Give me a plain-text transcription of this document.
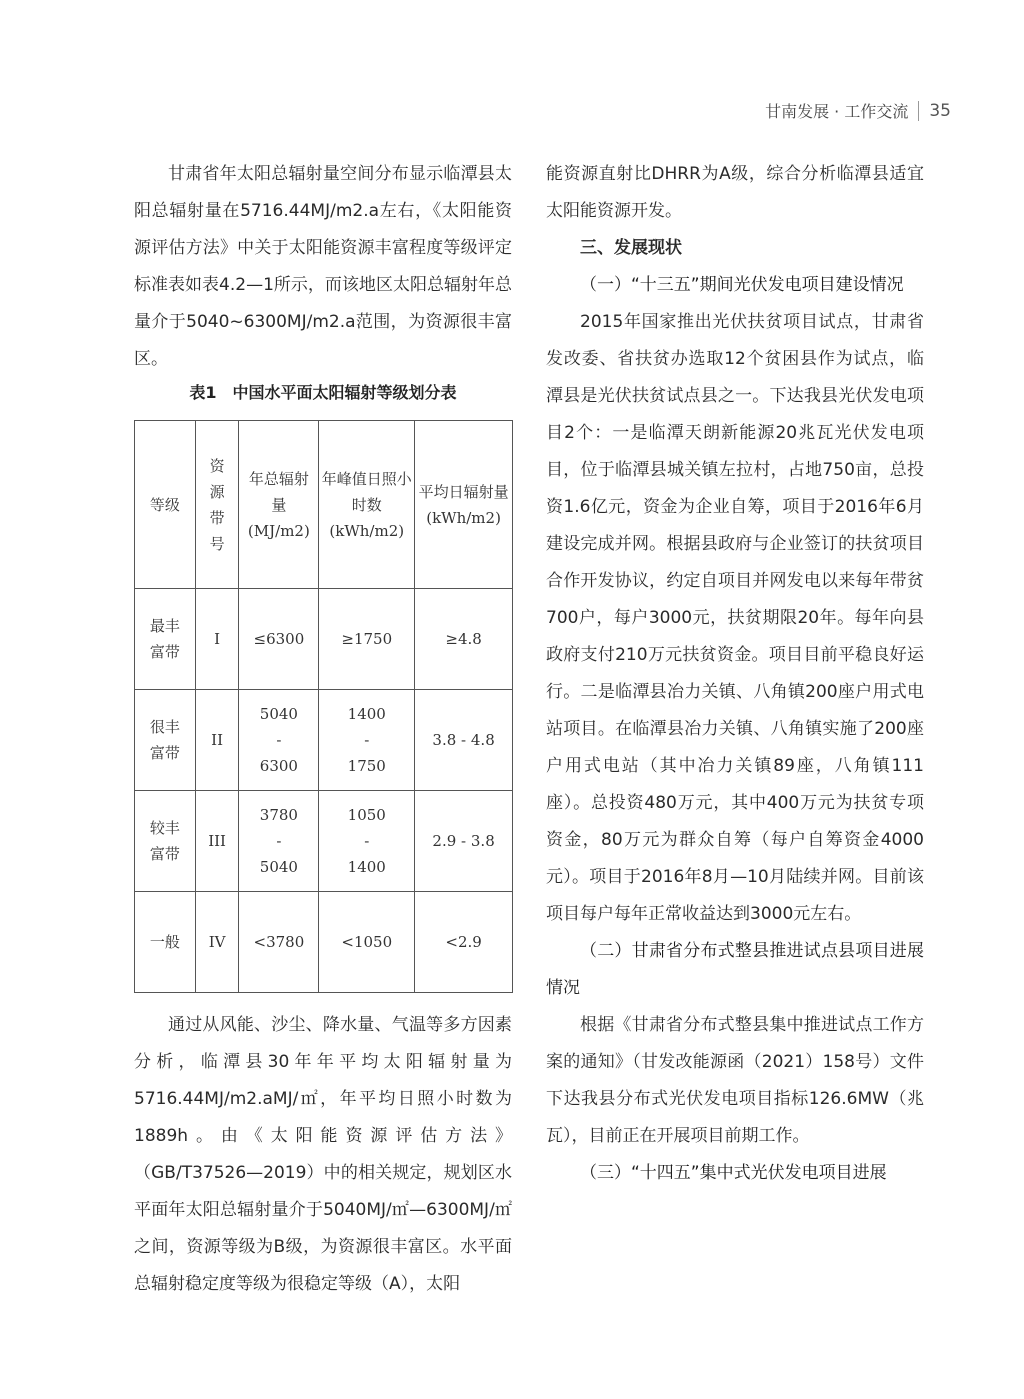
甘南发展 · 工作交流 35

甘肃省年太阳总辐射量空间分布显示临潭县太阳总辐射量在5716.44MJ/m2.a左右，《太阳能资源评估方法》中关于太阳能资源丰富程度等级评定标准表如表4.2—1所示，而该地区太阳总辐射年总量介于5040~6300MJ/m2.a范围，为资源很丰富区。

表1　中国水平面太阳辐射等级划分表
等级	资源带号	年总辐射量(MJ/m2)	年峰值日照小时数(kWh/m2)	平均日辐射量(kWh/m2)
最丰富带	I	≤6300	≥1750	≥4.8
很丰富带	II	5040 - 6300	1400 - 1750	3.8 - 4.8
较丰富带	III	3780 - 5040	1050 - 1400	2.9 - 3.8
一般	IV	<3780	<1050	<2.9

通过从风能、沙尘、降水量、气温等多方因素分析，临潭县30年年平均太阳辐射量为5716.44MJ/m2.aMJ/㎡，年平均日照小时数为1889h。由《太阳能资源评估方法》（GB/T37526—2019）中的相关规定，规划区水平面年太阳总辐射量介于5040MJ/㎡—6300MJ/㎡之间，资源等级为B级，为资源很丰富区。水平面总辐射稳定度等级为很稳定等级（A），太阳

能资源直射比DHRR为A级，综合分析临潭县适宜太阳能资源开发。

三、发展现状
（一）“十三五”期间光伏发电项目建设情况

2015年国家推出光伏扶贫项目试点，甘肃省发改委、省扶贫办选取12个贫困县作为试点，临潭县是光伏扶贫试点县之一。下达我县光伏发电项目2个：一是临潭天朗新能源20兆瓦光伏发电项目，位于临潭县城关镇左拉村，占地750亩，总投资1.6亿元，资金为企业自筹，项目于2016年6月建设完成并网。根据县政府与企业签订的扶贫项目合作开发协议，约定自项目并网发电以来每年带贫700户，每户3000元，扶贫期限20年。每年向县政府支付210万元扶贫资金。项目目前平稳良好运行。二是临潭县冶力关镇、八角镇200座户用式电站项目。在临潭县冶力关镇、八角镇实施了200座户用式电站（其中冶力关镇89座，八角镇111座）。总投资480万元，其中400万元为扶贫专项资金，80万元为群众自筹（每户自筹资金4000元）。项目于2016年8月—10月陆续并网。目前该项目每户每年正常收益达到3000元左右。

（二）甘肃省分布式整县推进试点县项目进展情况

根据《甘肃省分布式整县集中推进试点工作方案的通知》（甘发改能源函（2021）158号）文件下达我县分布式光伏发电项目指标126.6MW（兆瓦），目前正在开展项目前期工作。

（三）“十四五”集中式光伏发电项目进展
